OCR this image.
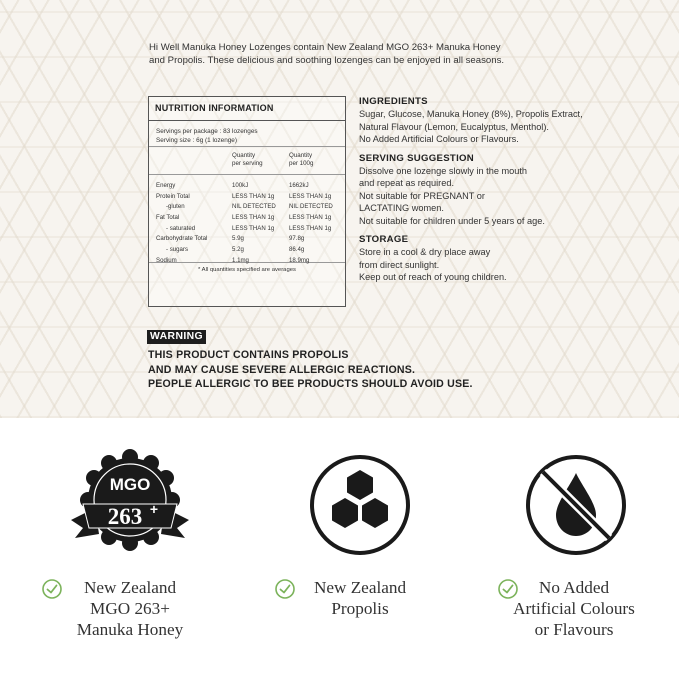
Hi Well Manuka Honey Lozenges contain New Zealand MGO 263+ Manuka Honey
and Propolis. These delicious and soothing lozenges can be enjoyed in all seasons.

NUTRITION INFORMATION
Servings per package : 83 lozenges
Serving size : 6g (1 lozenge)
Quantity
per serving
Quantity
per 100g
Energy	100kJ	1662kJ
Protein Total	LESS THAN 1g LESS THAN 1g
-gluten	NIL DETECTED NIL DETECTED
Fat Total	LESS THAN 1g LESS THAN 1g
- saturated	LESS THAN 1g LESS THAN 1g
Carbohydrate Total	5.9g	97.8g
- sugars	5.2g	86.4g
Sodium	1.1mg	18.9mg
* All quantities specified are averages
INGREDIENTS

Sugar, Glucose, Manuka Honey (8%), Propolis Extract,
Natural Flavour (Lemon, Eucalyptus, Menthol).
No Added Artificial Colours or Flavours.

SERVING SUGGESTION

Dissolve one lozenge slowly in the mouth
and repeat as required.
Not suitable for PREGNANT or
LACTATING women.
Not suitable for children under 5 years of age.

STORAGE

Store in a cool & dry place away
from direct sunlight.
Keep out of reach of young children.

WARNING
THIS PRODUCT CONTAINS PROPOLIS
AND MAY CAUSE SEVERE ALLERGIC REACTIONS.
PEOPLE ALLERGIC TO BEE PRODUCTS SHOULD AVOID USE.
MGO
263 +
New Zealand
MGO 263+
Manuka Honey
New Zealand
Propolis
No Added
Artificial Colours
or Flavours
